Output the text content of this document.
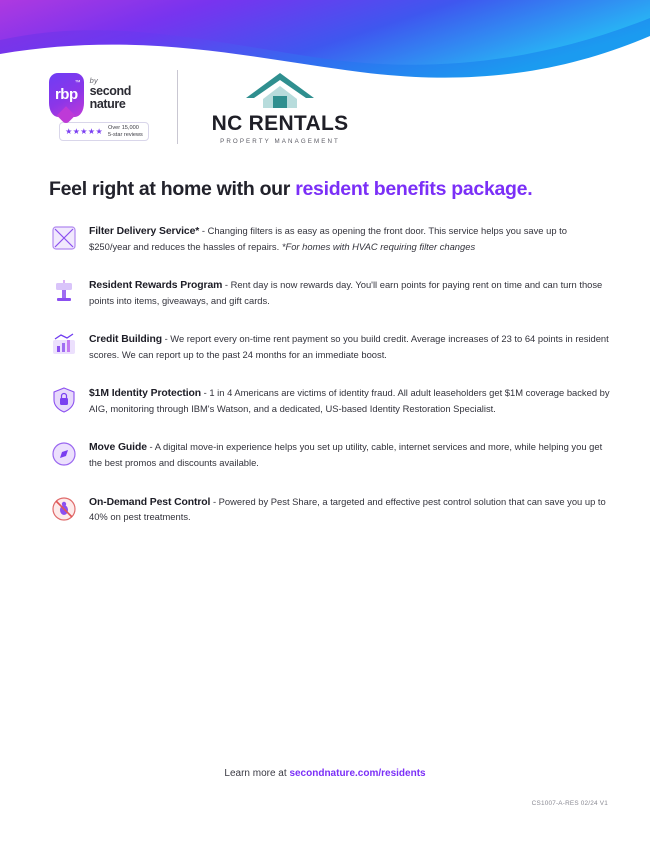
rbp
™ by
second nature
★★★★★ Over 15,000
5-star reviews	NC RENTALS
PROPERTY MANAGEMENT
Feel right at home with our resident benefits package.
Filter Delivery Service* - Changing filters is as easy as opening the front door. This service helps you save up to $250/year and reduces the hassles of repairs. *For homes with HVAC requiring filter changes
Resident Rewards Program - Rent day is now rewards day. You'll earn points for paying rent on time and can turn those points into items, giveaways, and gift cards.
Credit Building - We report every on-time rent payment so you build credit. Average increases of 23 to 64 points in resident scores. We can report up to the past 24 months for an immediate boost.
$1M Identity Protection - 1 in 4 Americans are victims of identity fraud. All adult leaseholders get $1M coverage backed by AIG, monitoring through IBM's Watson, and a dedicated, US-based Identity Restoration Specialist.
Move Guide - A digital move-in experience helps you set up utility, cable, internet services and more, while helping you get the best promos and discounts available.
On-Demand Pest Control - Powered by Pest Share, a targeted and effective pest control solution that can save you up to 40% on pest treatments.
Learn more at secondnature.com/residents
CS1007-A-RES 02/24 V1
